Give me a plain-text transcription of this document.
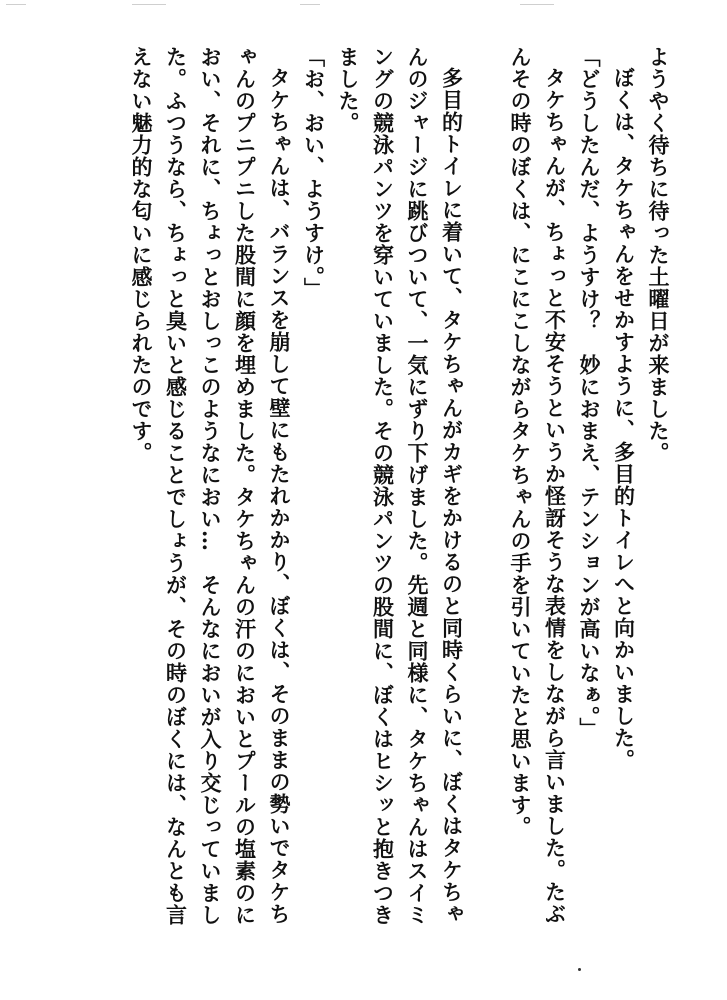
ようやく待ちに待った土曜日が来ました。

ぼくは、タケちゃんをせかすように、多目的トイレへと向かいました。

「どうしたんだ、ようすけ？　妙におまえ、テンションが高いなぁ。」

タケちゃんが、ちょっと不安そうというか怪訝そうな表情をしながら言いました。たぶんその時のぼくは、にこにこしながらタケちゃんの手を引いていたと思います。

多目的トイレに着いて、タケちゃんがカギをかけるのと同時くらいに、ぼくはタケちゃんのジャージに跳びついて、一気にずり下げました。先週と同様に、タケちゃんはスイミングの競泳パンツを穿いていました。その競泳パンツの股間に、ぼくはヒシッと抱きつきました。

「お、おい、ようすけ。」

タケちゃんは、バランスを崩して壁にもたれかかり、ぼくは、そのままの勢いでタケちゃんのプニプニした股間に顔を埋めました。タケちゃんの汗のにおいとプールの塩素のにおい、それに、ちょっとおしっこのようなにおい…　そんなにおいが入り交じっていました。ふつうなら、ちょっと臭いと感じることでしょうが、その時のぼくには、なんとも言えない魅力的な匂いに感じられたのです。
